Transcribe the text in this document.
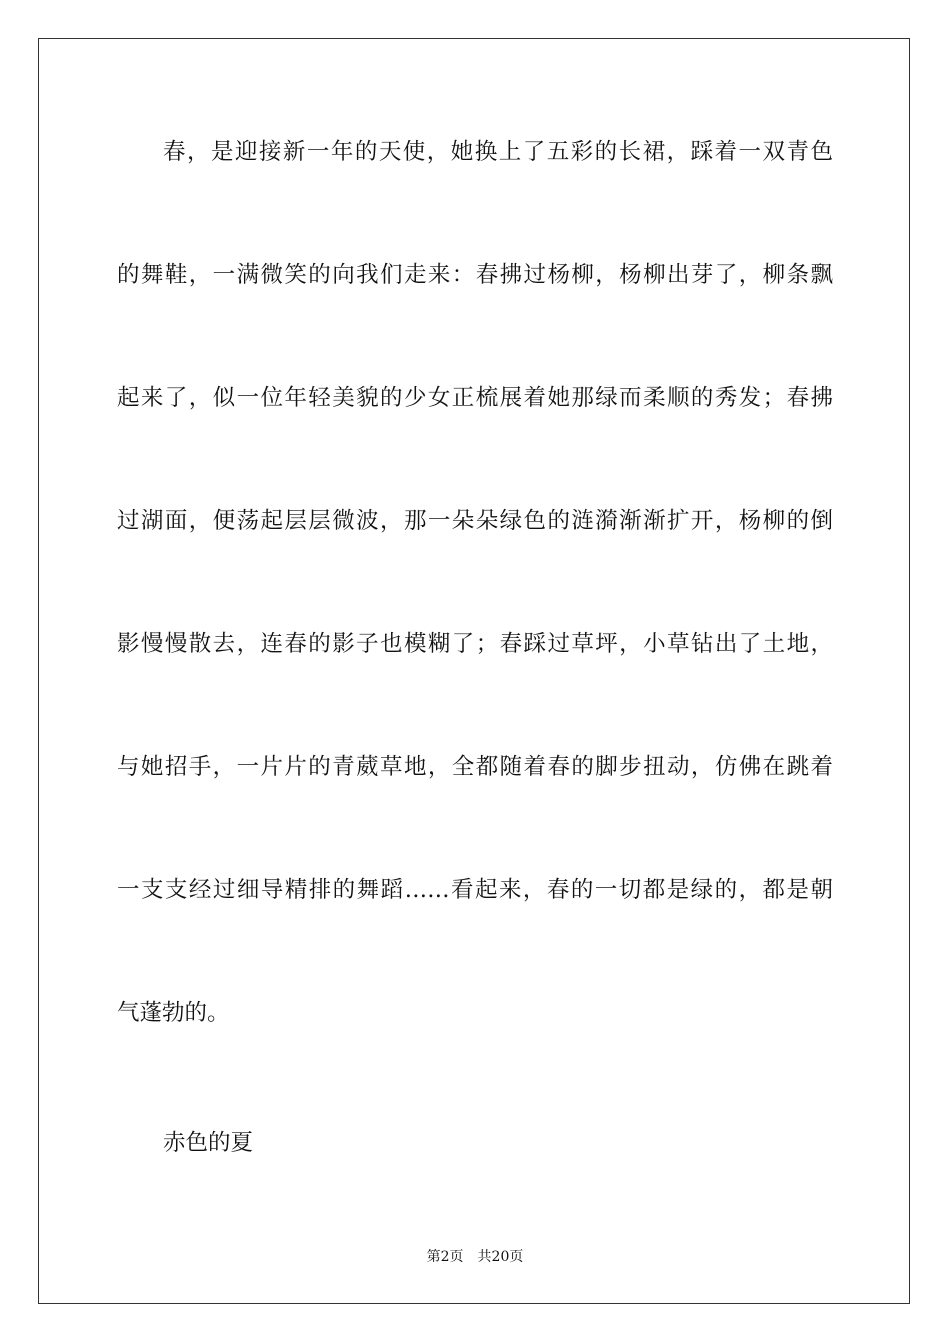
春，是迎接新一年的天使，她换上了五彩的长裙，踩着一双青色
的舞鞋，一满微笑的向我们走来：春拂过杨柳，杨柳出芽了，柳条飘
起来了，似一位年轻美貌的少女正梳展着她那绿而柔顺的秀发；春拂
过湖面，便荡起层层微波，那一朵朵绿色的涟漪渐渐扩开，杨柳的倒
影慢慢散去，连春的影子也模糊了；春踩过草坪，小草钻出了土地，
与她招手，一片片的青葳草地，全都随着春的脚步扭动，仿佛在跳着
一支支经过细导精排的舞蹈……看起来，春的一切都是绿的，都是朝
气蓬勃的。
赤色的夏
第2页 共20页
